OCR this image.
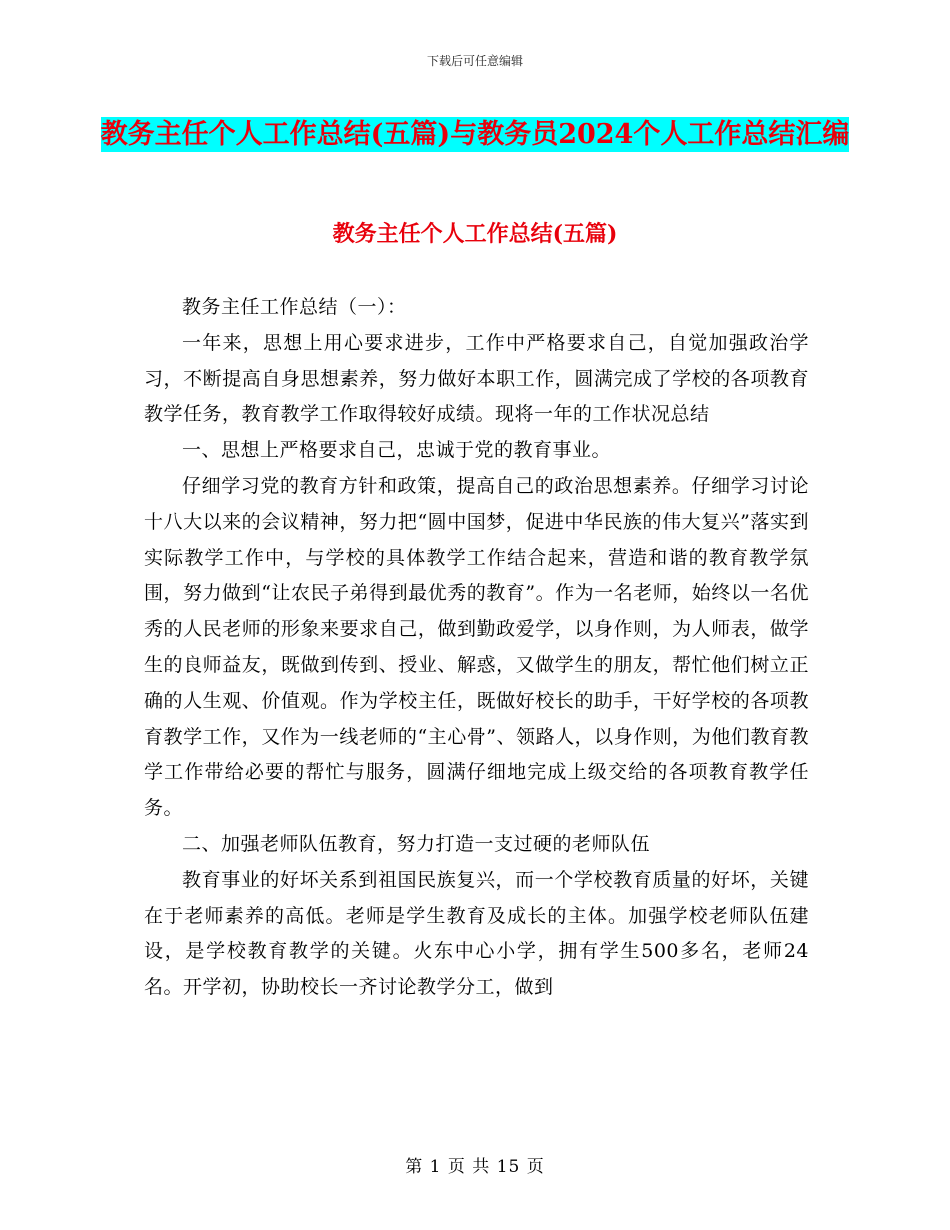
下载后可任意编辑
教务主任个人工作总结(五篇)与教务员2024个人工作总结汇编
教务主任个人工作总结(五篇)

教务主任工作总结（一）：

一年来，思想上用心要求进步，工作中严格要求自己，自觉加强政治学习，不断提高自身思想素养，努力做好本职工作，圆满完成了学校的各项教育教学任务，教育教学工作取得较好成绩。现将一年的工作状况总结

一、思想上严格要求自己，忠诚于党的教育事业。

仔细学习党的教育方针和政策，提高自己的政治思想素养。仔细学习讨论十八大以来的会议精神，努力把“圆中国梦，促进中华民族的伟大复兴”落实到实际教学工作中，与学校的具体教学工作结合起来，营造和谐的教育教学氛围，努力做到“让农民子弟得到最优秀的教育”。作为一名老师，始终以一名优秀的人民老师的形象来要求自己，做到勤政爱学，以身作则，为人师表，做学生的良师益友，既做到传到、授业、解惑，又做学生的朋友，帮忙他们树立正确的人生观、价值观。作为学校主任，既做好校长的助手，干好学校的各项教育教学工作，又作为一线老师的“主心骨”、领路人，以身作则，为他们教育教学工作带给必要的帮忙与服务，圆满仔细地完成上级交给的各项教育教学任务。

二、加强老师队伍教育，努力打造一支过硬的老师队伍

教育事业的好坏关系到祖国民族复兴，而一个学校教育质量的好坏，关键在于老师素养的高低。老师是学生教育及成长的主体。加强学校老师队伍建设，是学校教育教学的关键。火东中心小学，拥有学生500多名，老师24名。开学初，协助校长一齐讨论教学分工，做到

第 1 页 共 15 页
